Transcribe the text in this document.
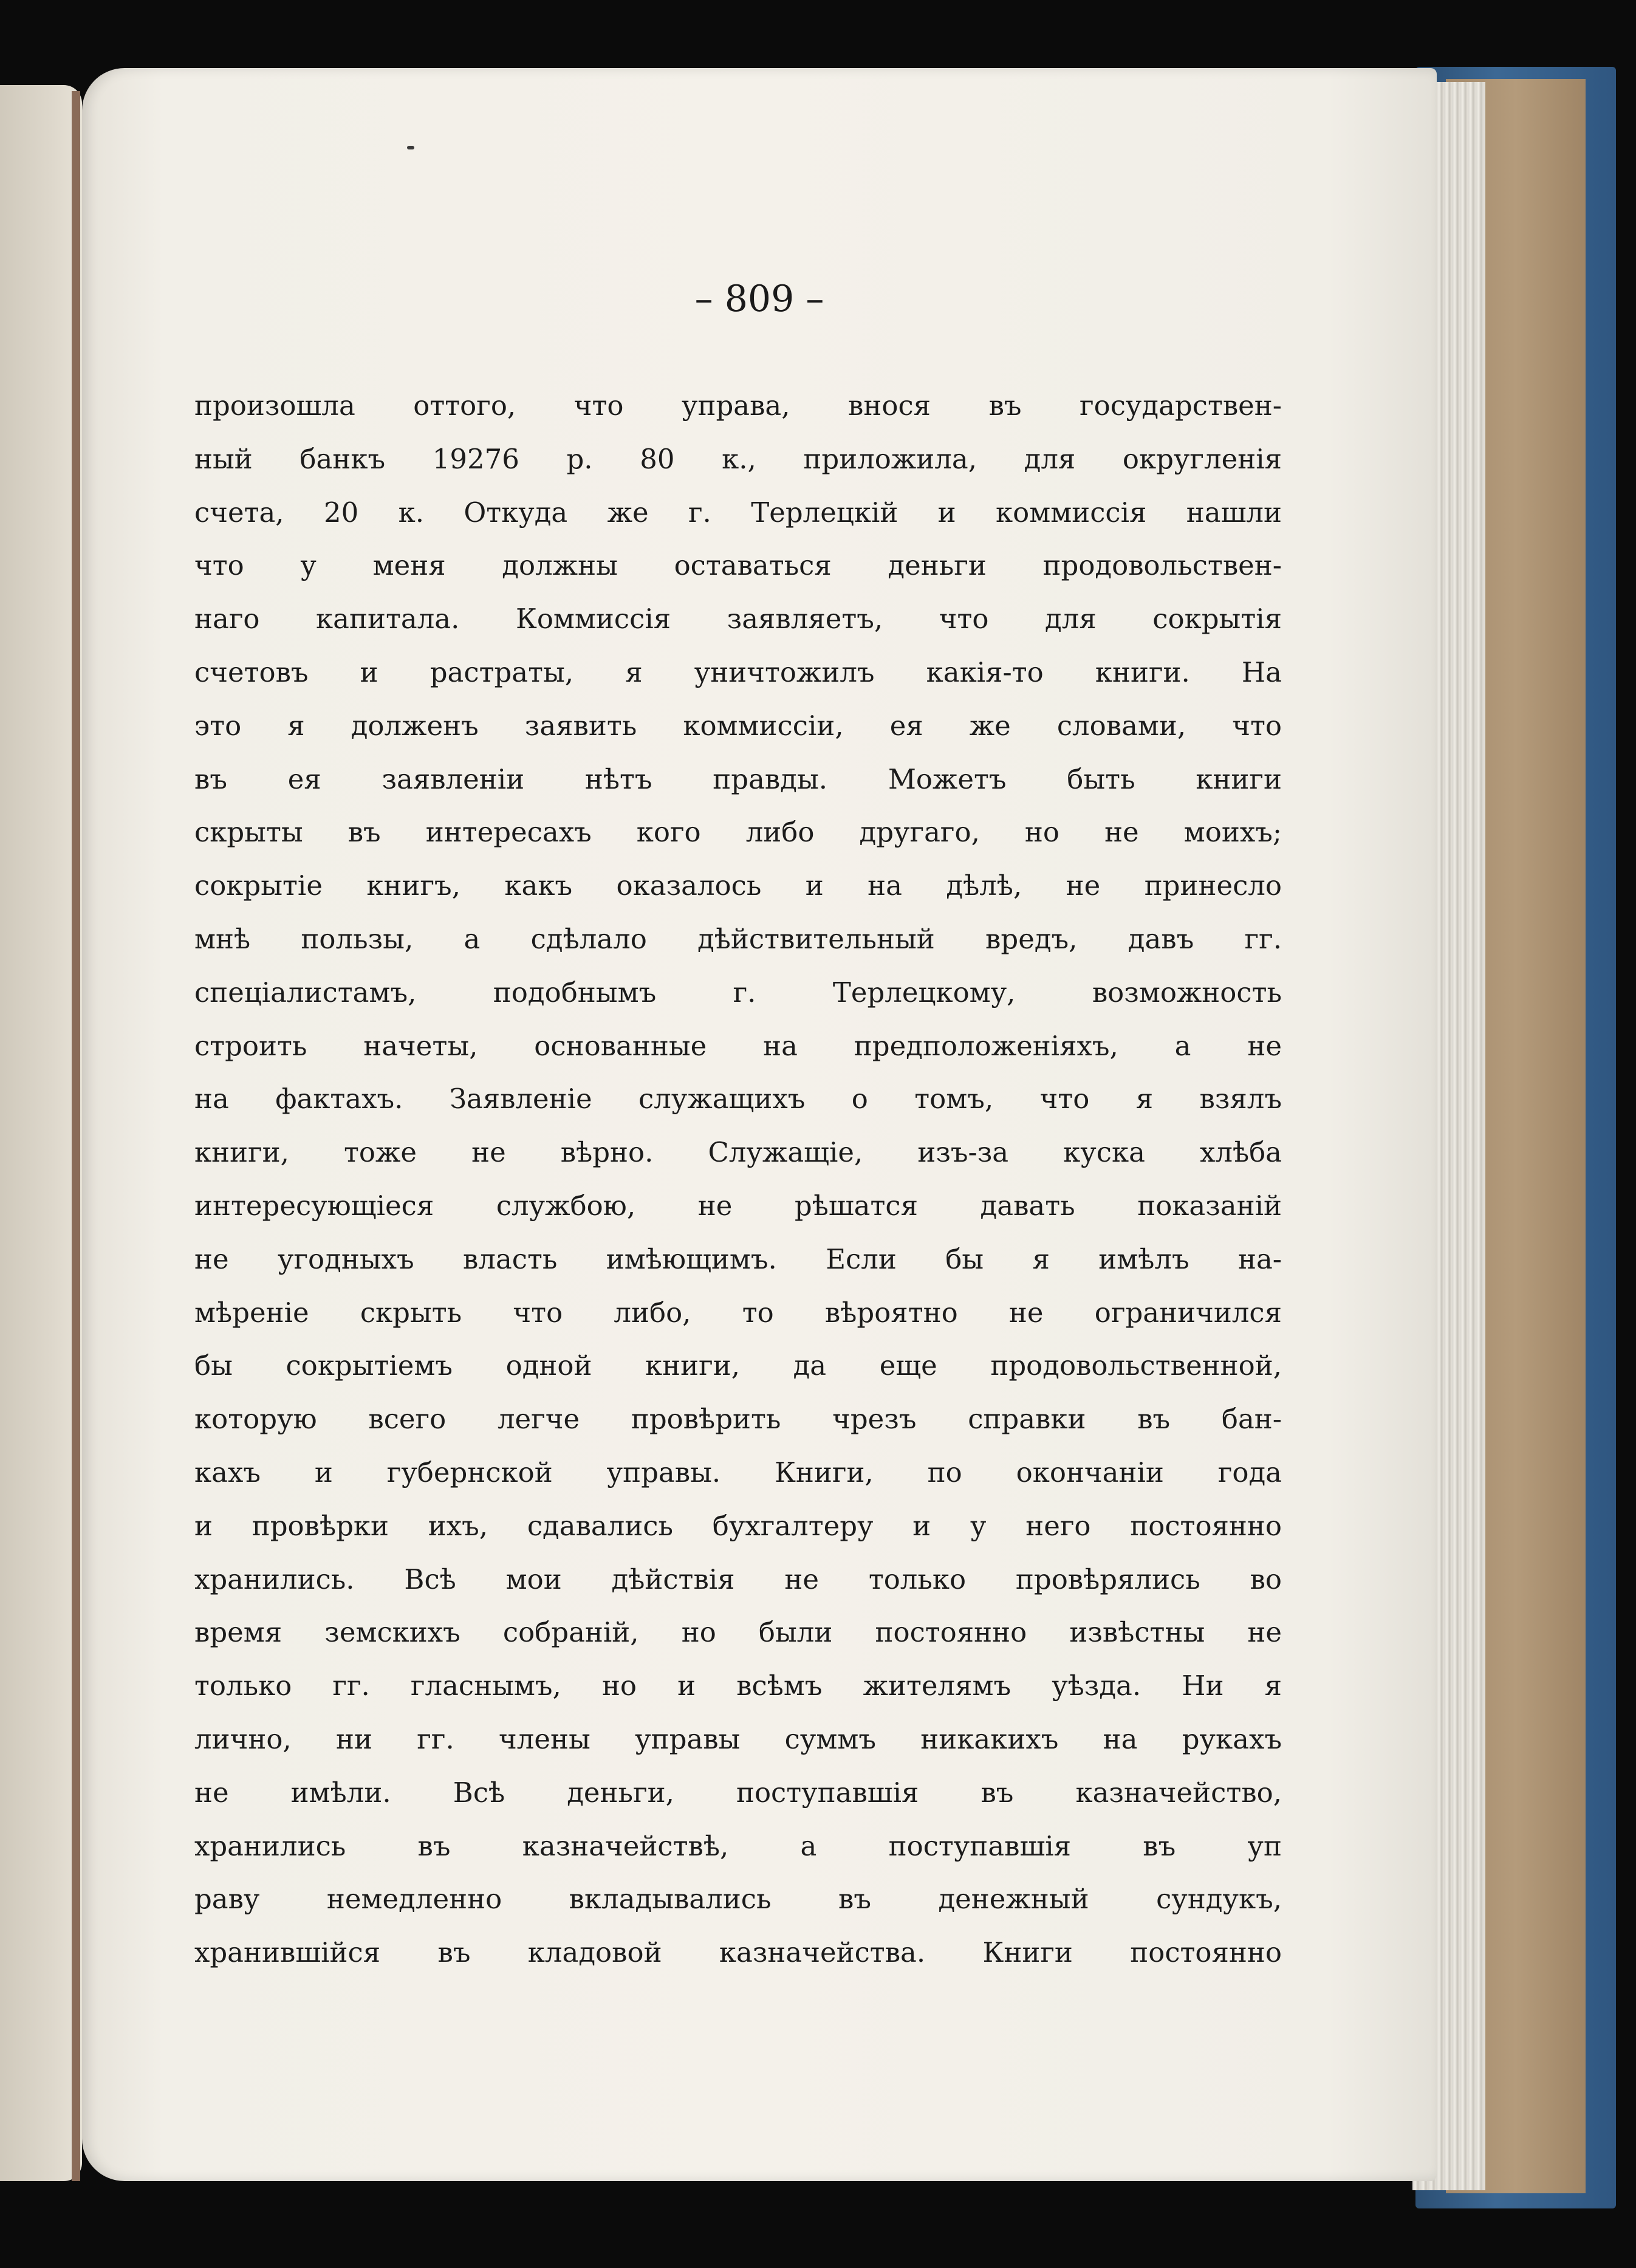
– 809 –
произошла оттого, что управа, внося въ государствен-
ный банкъ 19276 р. 80 к., приложила, для округленія
счета, 20 к. Откуда же г. Терлецкій и коммиссія нашли
что у меня должны оставаться деньги продовольствен-
наго капитала. Коммиссія заявляетъ, что для сокрытія
счетовъ и растраты, я уничтожилъ какія-то книги. На
это я долженъ заявить коммиссіи, ея же словами, что
въ ея заявленіи нѣтъ правды. Можетъ быть книги
скрыты въ интересахъ кого либо другаго, но не моихъ;
сокрытіе книгъ, какъ оказалось и на дѣлѣ, не принесло
мнѣ пользы, а сдѣлало дѣйствительный вредъ, давъ гг.
спеціалистамъ, подобнымъ г. Терлецкому, возможность
строить начеты, основанные на предположеніяхъ, а не
на фактахъ. Заявленіе служащихъ о томъ, что я взялъ
книги, тоже не вѣрно. Служащіе, изъ-за куска хлѣба
интересующіеся службою, не рѣшатся давать показаній
не угодныхъ власть имѣющимъ. Если бы я имѣлъ на-
мѣреніе скрыть что либо, то вѣроятно не ограничился
бы сокрытіемъ одной книги, да еще продовольственной,
которую всего легче провѣрить чрезъ справки въ бан-
кахъ и губернской управы. Книги, по окончаніи года
и провѣрки ихъ, сдавались бухгалтеру и у него постоянно
хранились. Всѣ мои дѣйствія не только провѣрялись во
время земскихъ собраній, но были постоянно извѣстны не
только гг. гласнымъ, но и всѣмъ жителямъ уѣзда. Ни я
лично, ни гг. члены управы суммъ никакихъ на рукахъ
не имѣли. Всѣ деньги, поступавшія въ казначейство,
хранились въ казначействѣ, а поступавшія въ уп
раву немедленно вкладывались въ денежный сундукъ,
хранившійся въ кладовой казначейства. Книги постоянно
